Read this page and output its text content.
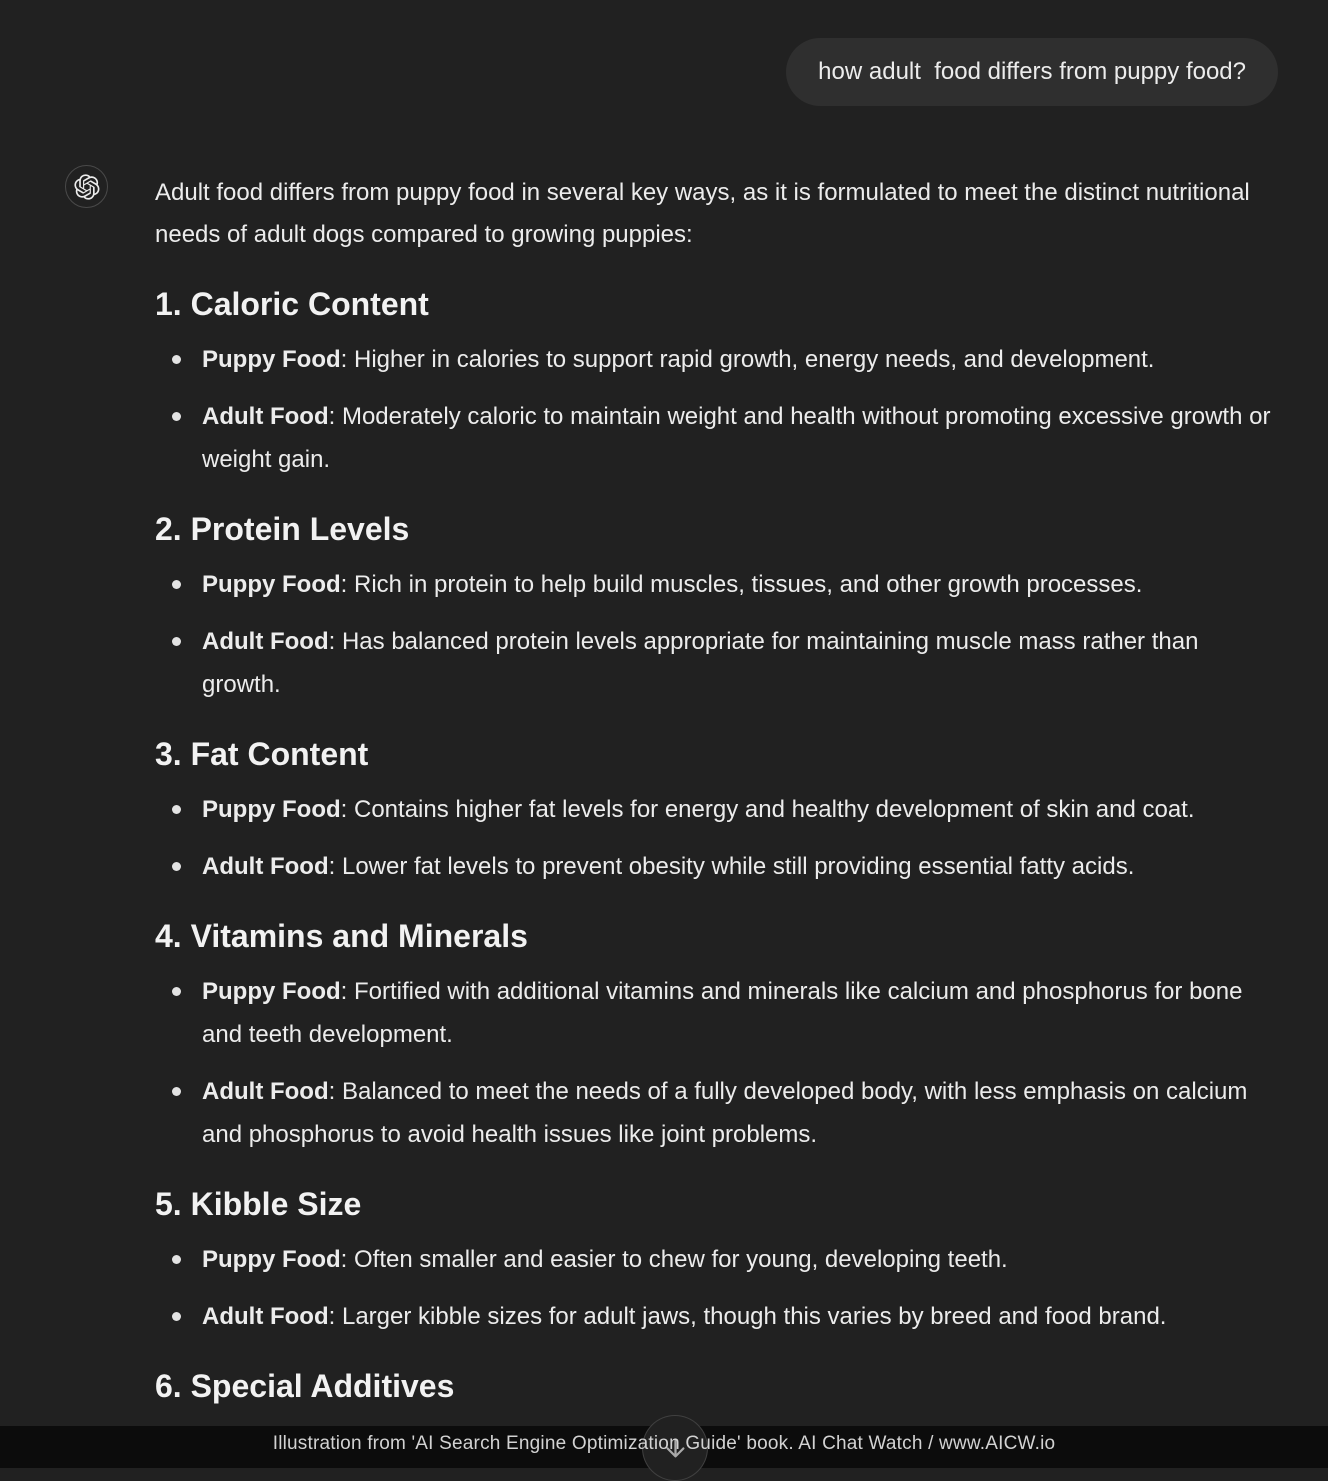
how adult  food differs from puppy food?

Adult food differs from puppy food in several key ways, as it is formulated to meet the distinct nutritional needs of adult dogs compared to growing puppies:

1. Caloric Content
Puppy Food: Higher in calories to support rapid growth, energy needs, and development.
Adult Food: Moderately caloric to maintain weight and health without promoting excessive growth or weight gain.
2. Protein Levels
Puppy Food: Rich in protein to help build muscles, tissues, and other growth processes.
Adult Food: Has balanced protein levels appropriate for maintaining muscle mass rather than growth.
3. Fat Content
Puppy Food: Contains higher fat levels for energy and healthy development of skin and coat.
Adult Food: Lower fat levels to prevent obesity while still providing essential fatty acids.
4. Vitamins and Minerals
Puppy Food: Fortified with additional vitamins and minerals like calcium and phosphorus for bone and teeth development.
Adult Food: Balanced to meet the needs of a fully developed body, with less emphasis on calcium and phosphorus to avoid health issues like joint problems.
5. Kibble Size
Puppy Food: Often smaller and easier to chew for young, developing teeth.
Adult Food: Larger kibble sizes for adult jaws, though this varies by breed and food brand.
6. Special Additives
Illustration from 'AI Search Engine Optimization Guide' book. AI Chat Watch / www.AICW.io
